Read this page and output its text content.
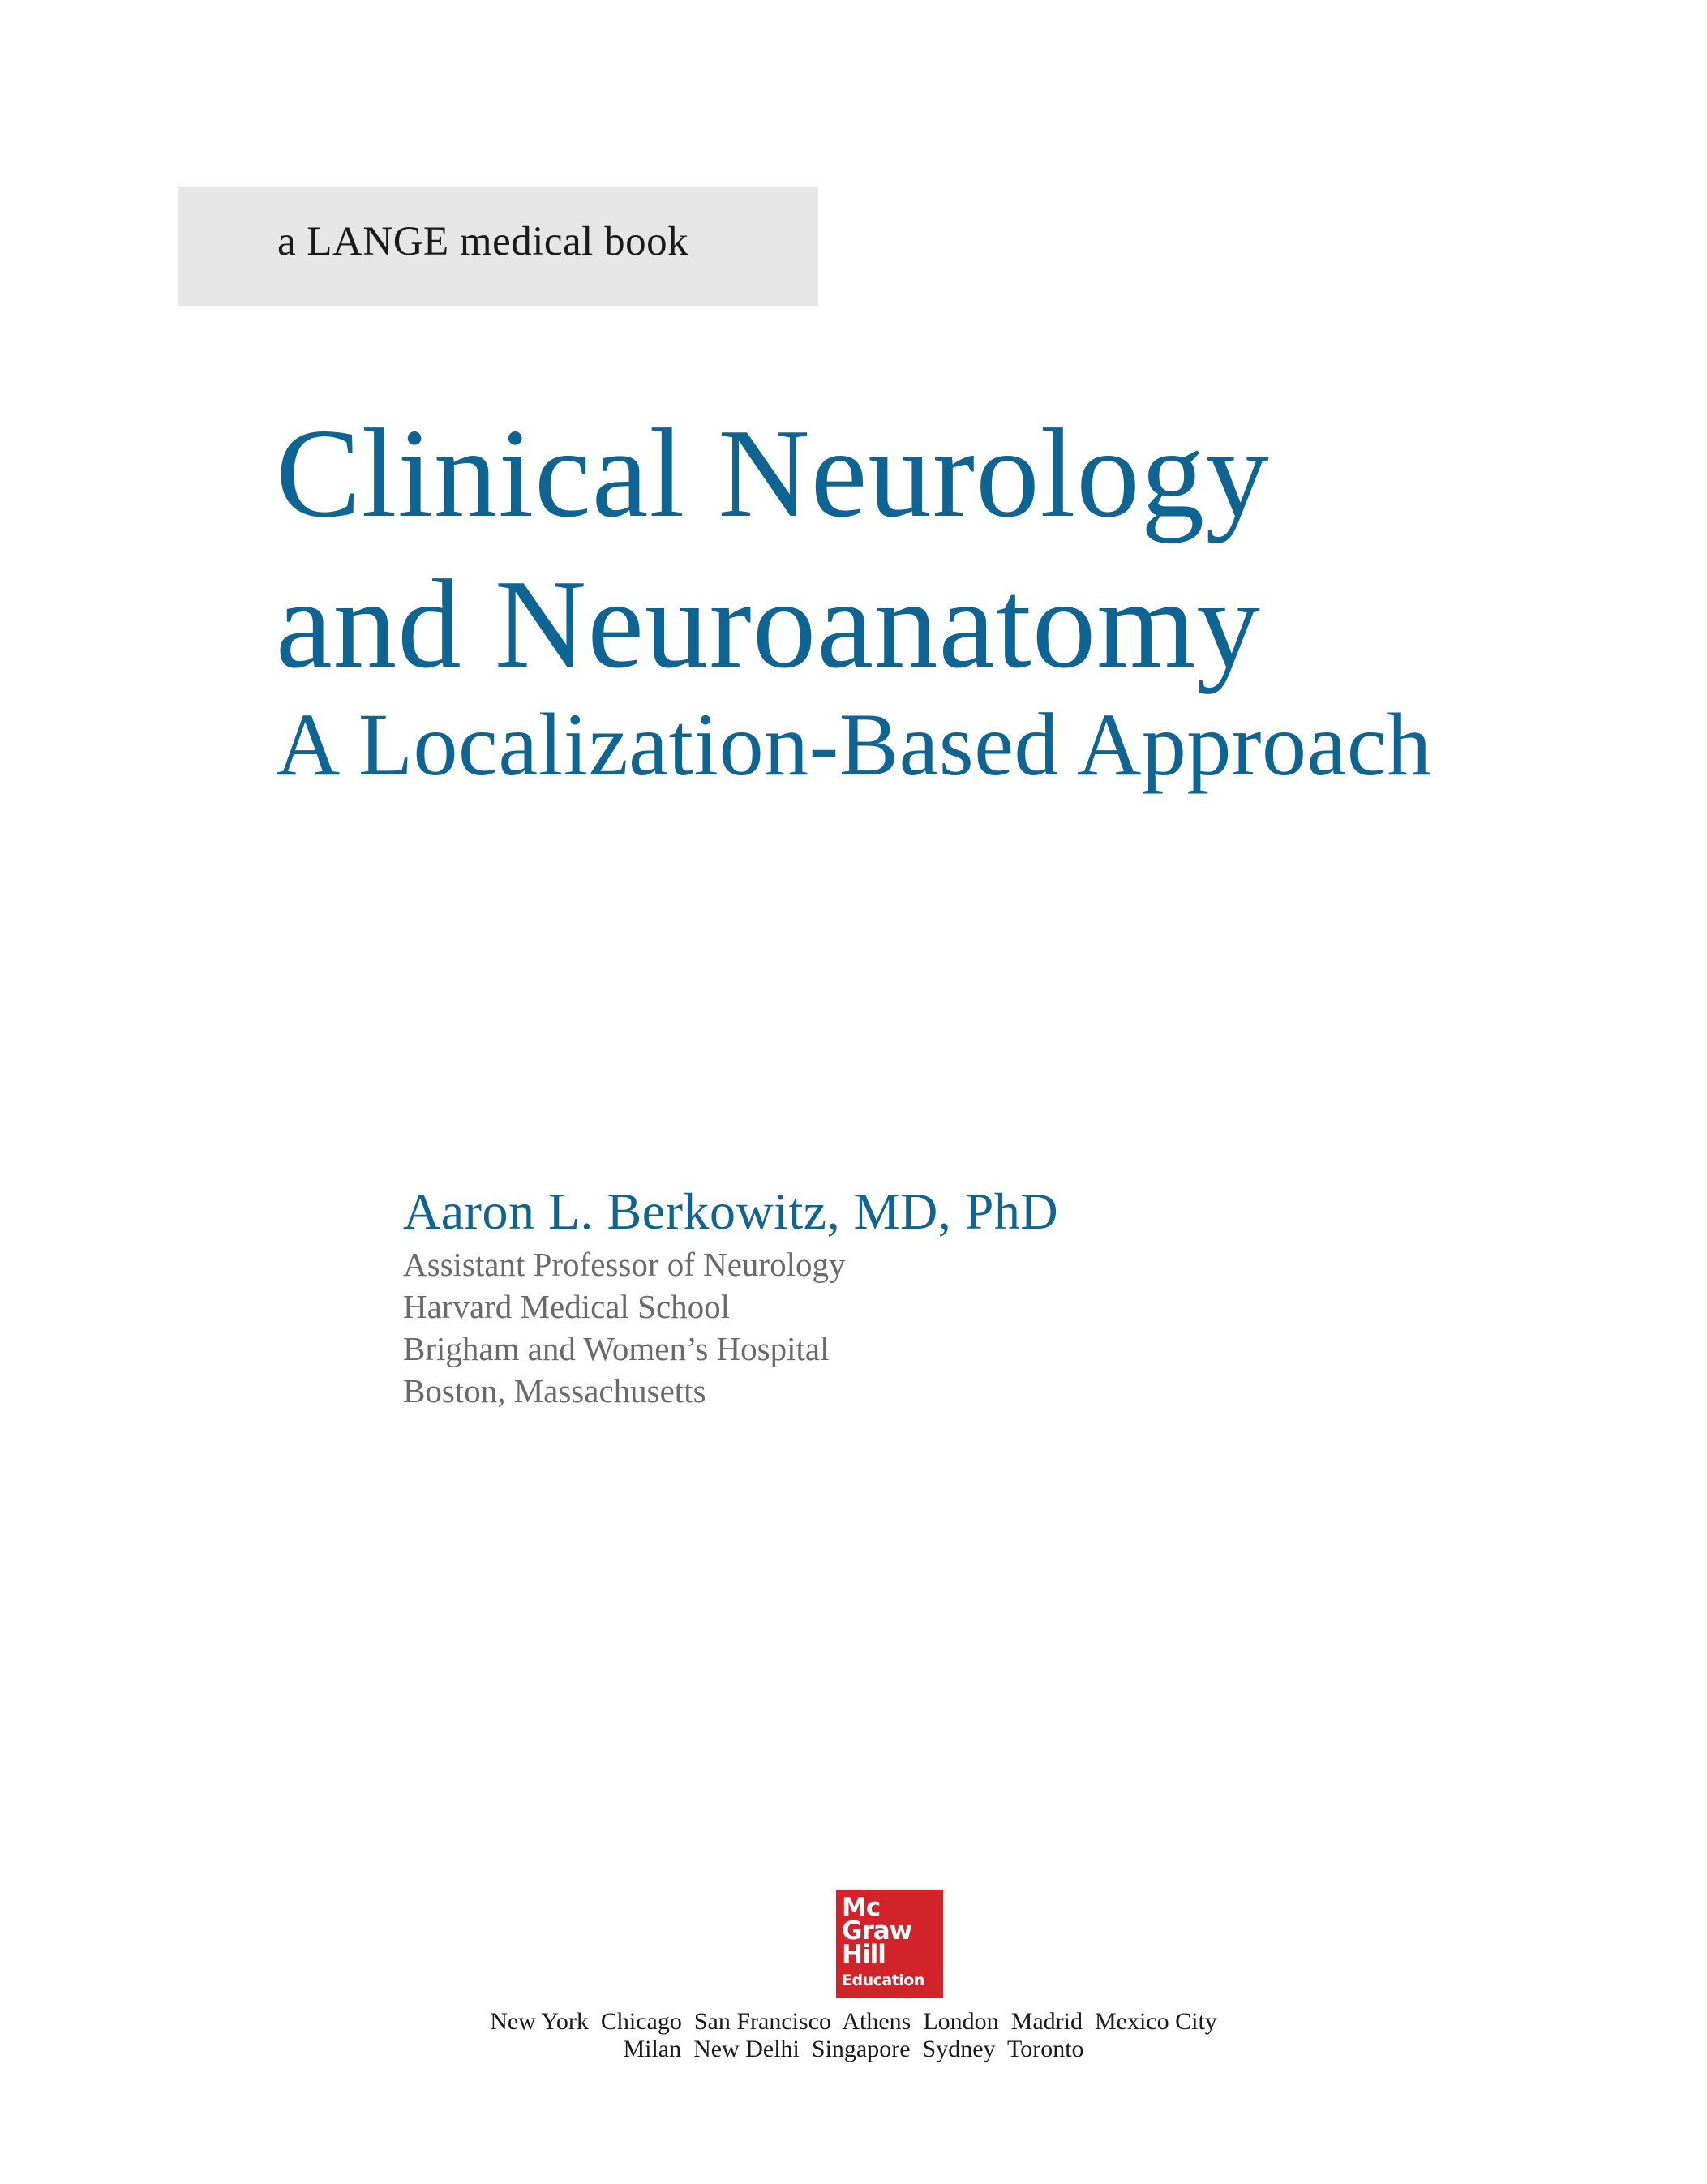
a LANGE medical book
Clinical Neurology
and Neuroanatomy
A Localization-Based Approach
Aaron L. Berkowitz, MD, PhD
Assistant Professor of Neurology
Harvard Medical School
Brigham and Women’s Hospital
Boston, Massachusetts
Mc
Graw
Hill
Education
New York  Chicago  San Francisco  Athens  London  Madrid  Mexico City
Milan  New Delhi  Singapore  Sydney  Toronto
